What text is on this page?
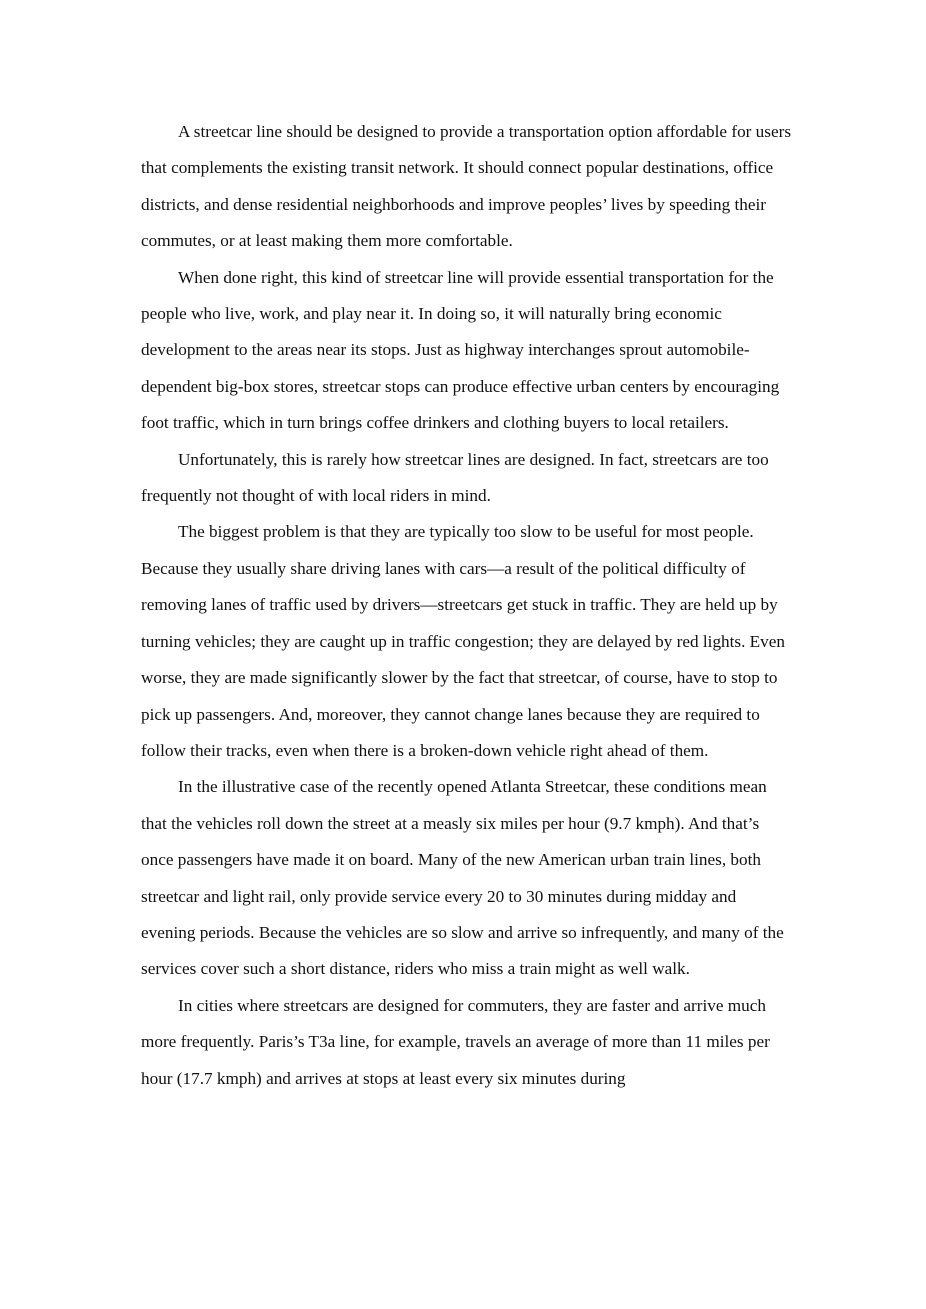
A streetcar line should be designed to provide a transportation option affordable for users that complements the existing transit network. It should connect popular destinations, office districts, and dense residential neighborhoods and improve peoples’ lives by speeding their commutes, or at least making them more comfortable.

When done right, this kind of streetcar line will provide essential transportation for the people who live, work, and play near it. In doing so, it will naturally bring economic development to the areas near its stops. Just as highway interchanges sprout automobile-dependent big-box stores, streetcar stops can produce effective urban centers by encouraging foot traffic, which in turn brings coffee drinkers and clothing buyers to local retailers.

Unfortunately, this is rarely how streetcar lines are designed. In fact, streetcars are too frequently not thought of with local riders in mind.

The biggest problem is that they are typically too slow to be useful for most people. Because they usually share driving lanes with cars—a result of the political difficulty of removing lanes of traffic used by drivers—streetcars get stuck in traffic. They are held up by turning vehicles; they are caught up in traffic congestion; they are delayed by red lights. Even worse, they are made significantly slower by the fact that streetcar, of course, have to stop to pick up passengers. And, moreover, they cannot change lanes because they are required to follow their tracks, even when there is a broken-down vehicle right ahead of them.

In the illustrative case of the recently opened Atlanta Streetcar, these conditions mean that the vehicles roll down the street at a measly six miles per hour (9.7 kmph). And that’s once passengers have made it on board. Many of the new American urban train lines, both streetcar and light rail, only provide service every 20 to 30 minutes during midday and evening periods. Because the vehicles are so slow and arrive so infrequently, and many of the services cover such a short distance, riders who miss a train might as well walk.

In cities where streetcars are designed for commuters, they are faster and arrive much more frequently. Paris’s T3a line, for example, travels an average of more than 11 miles per hour (17.7 kmph) and arrives at stops at least every six minutes during
